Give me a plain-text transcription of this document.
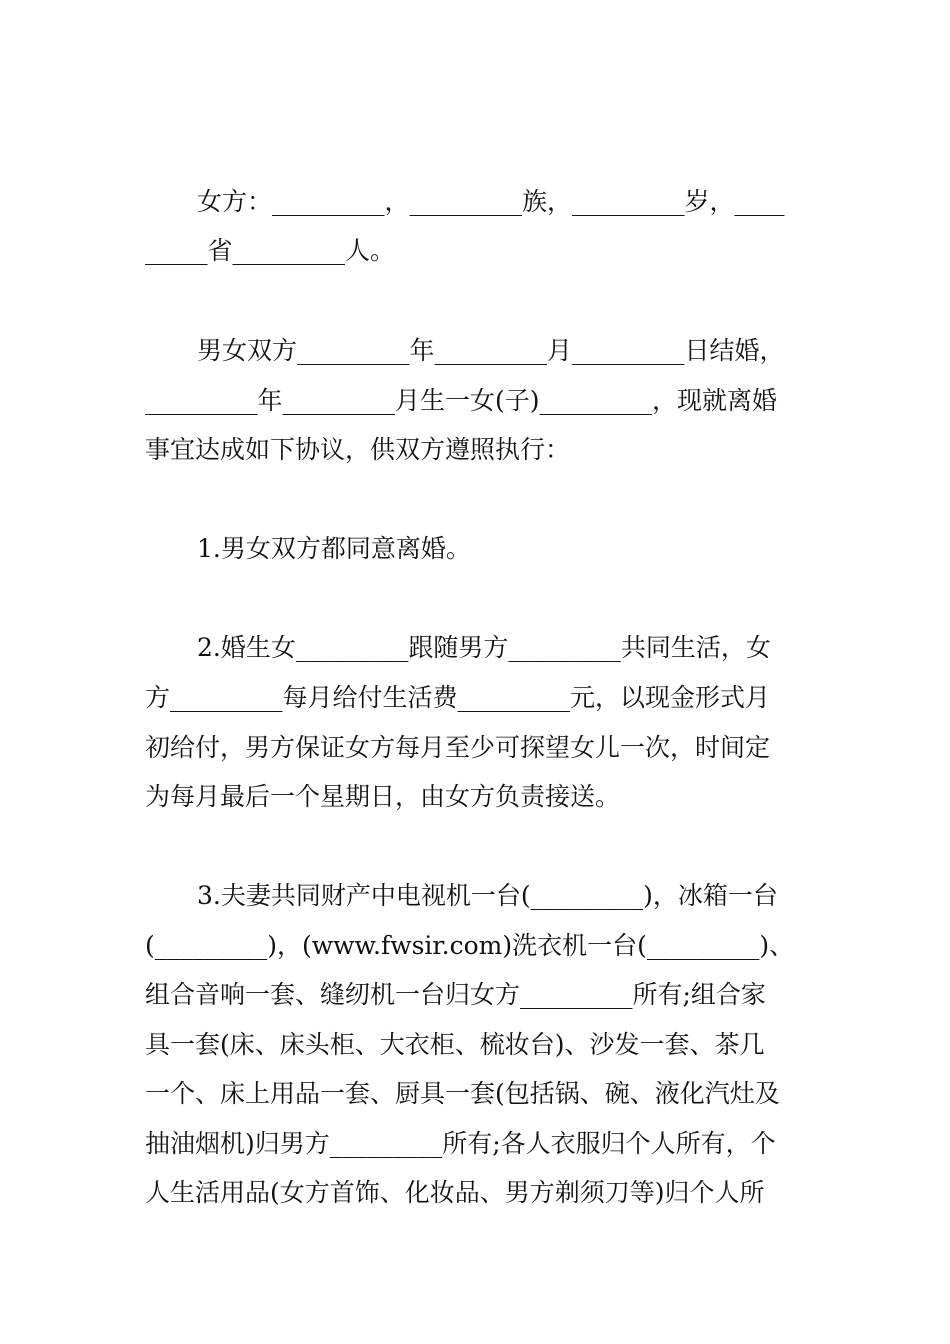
女方：_________，_________族，_________岁，____
_____省_________人。
男女双方_________年_________月_________日结婚，
_________年_________月生一女(子)_________，现就离婚
事宜达成如下协议，供双方遵照执行：
1.男女双方都同意离婚。
2.婚生女_________跟随男方_________共同生活，女
方_________每月给付生活费_________元，以现金形式月
初给付，男方保证女方每月至少可探望女儿一次，时间定
为每月最后一个星期日，由女方负责接送。
3.夫妻共同财产中电视机一台(_________)，冰箱一台
(_________)，(www.fwsir.com)洗衣机一台(_________)、
组合音响一套、缝纫机一台归女方_________所有;组合家
具一套(床、床头柜、大衣柜、梳妆台)、沙发一套、茶几
一个、床上用品一套、厨具一套(包括锅、碗、液化汽灶及
抽油烟机)归男方_________所有;各人衣服归个人所有，个
人生活用品(女方首饰、化妆品、男方剃须刀等)归个人所
